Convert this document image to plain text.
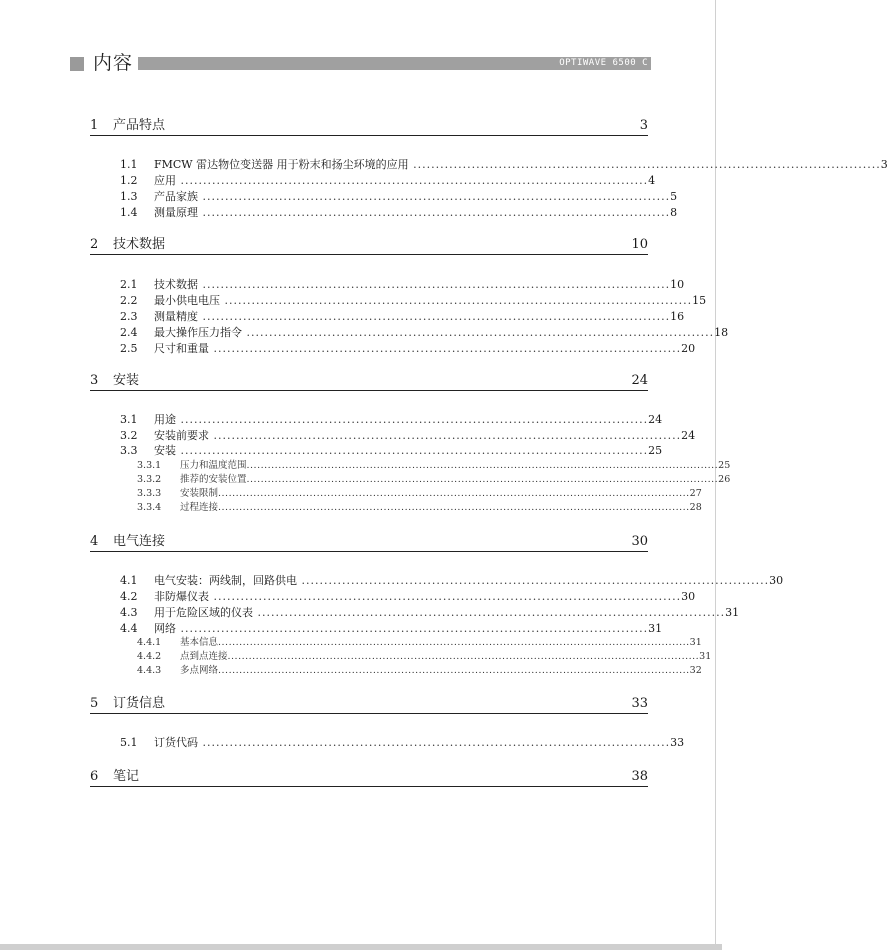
内容	OPTIWAVE 6500 C
1 产品特点	3
1.1	FMCW 雷达物位变送器 用于粉末和扬尘环境的应用 ........................................................................................................ 3
1.2	应用 ........................................................................................................ 4
1.3	产品家族 ........................................................................................................ 5
1.4	测量原理 ........................................................................................................ 8
2 技术数据	10
2.1	技术数据 ........................................................................................................ 10
2.2	最小供电电压 ........................................................................................................ 15
2.3	测量精度 ........................................................................................................ 16
2.4	最大操作压力指令 ........................................................................................................ 18
2.5	尺寸和重量 ........................................................................................................ 20
3 安装	24
3.1	用途 ........................................................................................................ 24
3.2	安装前要求 ........................................................................................................ 24
3.3	安装 ........................................................................................................ 25
3.3.1	压力和温度范围 ...................................................................................................................................... 25
3.3.2	推荐的安装位置 ...................................................................................................................................... 26
3.3.3	安装限制 ...................................................................................................................................... 27
3.3.4	过程连接 ...................................................................................................................................... 28
4 电气连接	30
4.1	电气安装：两线制，回路供电 ........................................................................................................ 30
4.2	非防爆仪表 ........................................................................................................ 30
4.3	用于危险区域的仪表 ........................................................................................................ 31
4.4	网络 ........................................................................................................ 31
4.4.1	基本信息 ...................................................................................................................................... 31
4.4.2	点到点连接 ...................................................................................................................................... 31
4.4.3	多点网络 ...................................................................................................................................... 32
5 订货信息	33
5.1	订货代码 ........................................................................................................ 33
6 笔记	38
